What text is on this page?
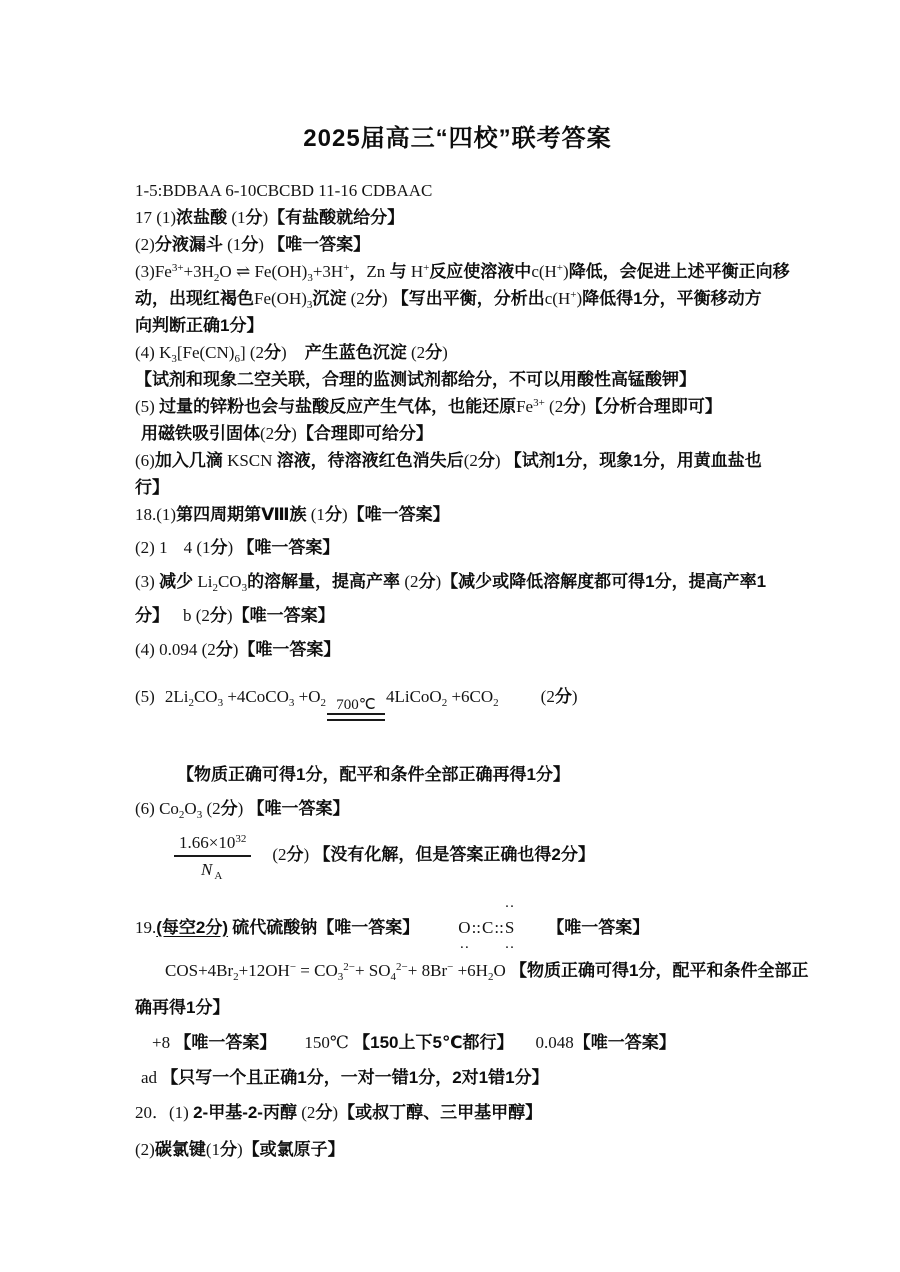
2025届高三“四校”联考答案
1-5:BDBAA 6-10CBCBD 11-16 CDBAAC
17 (1)浓盐酸 (1分)【有盐酸就给分】
(2)分液漏斗 (1分) 【唯一答案】
$(3)Fe^{3+}+3H_2O$ ⇌ $Fe(OH)_3+3H^+$，Zn 与 H+反应使溶液中c(H+)降低，会促进上述平衡正向移
动，出现红褐色$Fe(OH)_3$沉淀 (2分) 【写出平衡，分析出c(H+)降低得1分，平衡移动方
向判断正确1分】
(4) $K_3[Fe(CN)_6]$ (2分) 产生蓝色沉淀 (2分)
【试剂和现象二空关联，合理的监测试剂都给分，不可以用酸性高锰酸钾】
(5) 过量的锌粉也会与盐酸反应产生气体，也能还原$Fe^{3+}$ (2分)【分析合理即可】
用磁铁吸引固体(2分)【合理即可给分】
(6)加入几滴 KSCN 溶液，待溶液红色消失后(2分) 【试剂1分，现象1分，用黄血盐也
行】
18.(1)第四周期第Ⅷ族 (1分)【唯一答案】
(2) 1 4 (1分) 【唯一答案】
(3) 减少 $Li_2CO_3$的溶解量，提高产率 (2分)【减少或降低溶解度都可得1分，提高产率1
分】 b (2分)【唯一答案】
(4) 0.094 (2分)【唯一答案】
(5) $2Li_2CO_3$ +4CoCO$_3$ $+O_2$ 700℃ 4LiCoO$_2$ $+6CO_2$ (2分)
【物质正确可得1分，配平和条件全部正确再得1分】
(6) $Co_2O_3$ (2分) 【唯一答案】
$\frac{1.66\times 10^{32}}{N_A} (2$分) 【没有化解，但是答案正确也得2分】
19.(每空2分) 硫代硫酸钠【唯一答案】 O ··::C::·· S ·· 【唯一答案】
$COS+4Br_2+12OH^- = CO_3^{2-}+ SO_4^{2-}+ 8Br^- +6H_2O$ 【物质正确可得1分，配平和条件全部正
确再得1分】
+8 【唯一答案】 150℃ 【150上下5℃都行】 0.048【唯一答案】
ad 【只写一个且正确1分，一对一错1分，2对1错1分】
20．(1) 2-甲基-2-丙醇 (2分)【或叔丁醇、三甲基甲醇】
(2)碳氯键(1分)【或氯原子】
